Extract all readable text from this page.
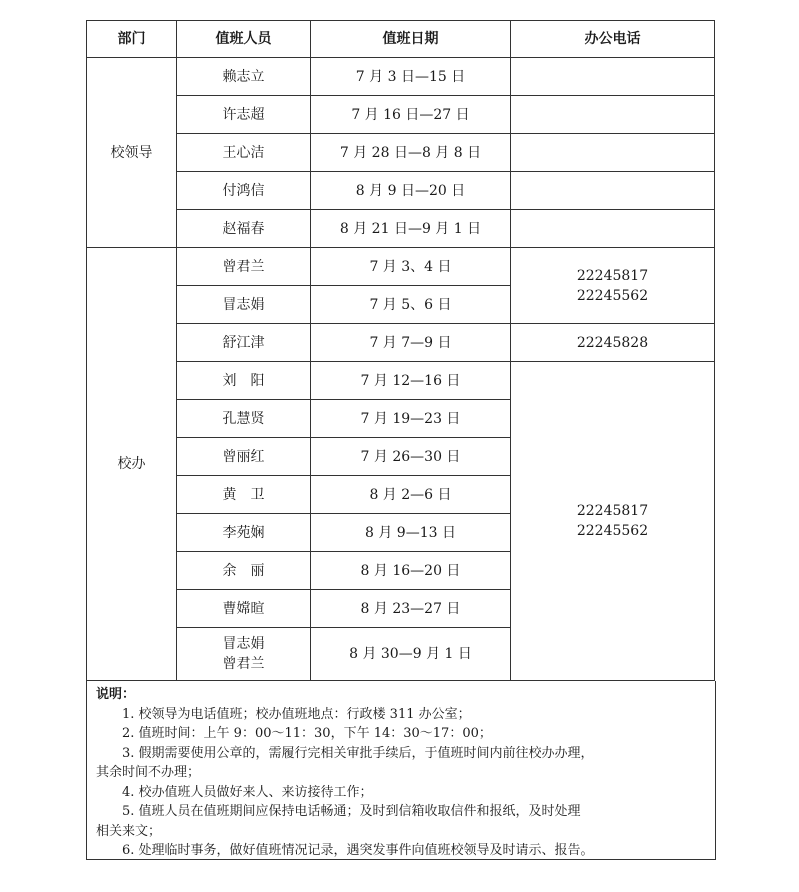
部门	值班人员	值班日期	办公电话
校领导	赖志立	7 月 3 日—15 日	
	许志超	7 月 16 日—27 日	
	王心洁	7 月 28 日—8 月 8 日	
	付鸿信	8 月 9 日—20 日	
	赵福春	8 月 21 日—9 月 1 日	
校办	曾君兰	7 月 3、4 日	22245817
22245562

	冒志娟	7 月 5、6 日	
	舒江津	7 月 7—9 日	22245828
	刘　阳	7 月 12—16 日	22245817
22245562

	孔慧贤	7 月 19—23 日	
	曾丽红	7 月 26—30 日	
	黄　卫	8 月 2—6 日	
	李苑娴	8 月 9—13 日	
	余　丽	8 月 16—20 日	
	曹嫦暄	8 月 23—27 日	

	冒志娟
曾君兰	8 月 30—9 月 1 日	

说明：

1. 校领导为电话值班；校办值班地点：行政楼 311 办公室；

2. 值班时间：上午 9：00～11：30，下午 14：30～17：00；

3. 假期需要使用公章的，需履行完相关审批手续后，于值班时间内前往校办办理，

其余时间不办理；

4. 校办值班人员做好来人、来访接待工作；

5. 值班人员在值班期间应保持电话畅通；及时到信箱收取信件和报纸，及时处理

相关来文；

6. 处理临时事务，做好值班情况记录，遇突发事件向值班校领导及时请示、报告。
